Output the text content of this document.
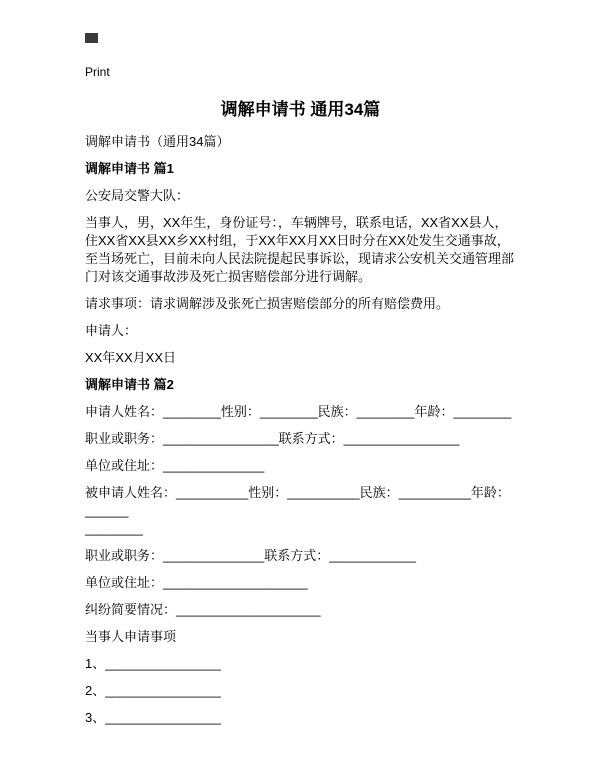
Print
调解申请书 通用34篇

调解申请书（通用34篇）

调解申请书 篇1

公安局交警大队：

当事人，男，XX年生，身份证号：，车辆牌号，联系电话，XX省XX县人，住XX省XX县XX乡XX村组，于XX年XX月XX日时分在XX处发生交通事故，至当场死亡，目前未向人民法院提起民事诉讼，现请求公安机关交通管理部门对该交通事故涉及死亡损害赔偿部分进行调解。

请求事项：请求调解涉及张死亡损害赔偿部分的所有赔偿费用。

申请人：

XX年XX月XX日

调解申请书 篇2

申请人姓名：________性别：________民族：________年龄：________

职业或职务：________________联系方式：________________

单位或住址：______________

被申请人姓名：__________性别：__________民族：__________年龄：______

________

职业或职务：______________联系方式：____________

单位或住址：____________________

纠纷简要情况：____________________

当事人申请事项

1、________________

2、________________

3、________________
